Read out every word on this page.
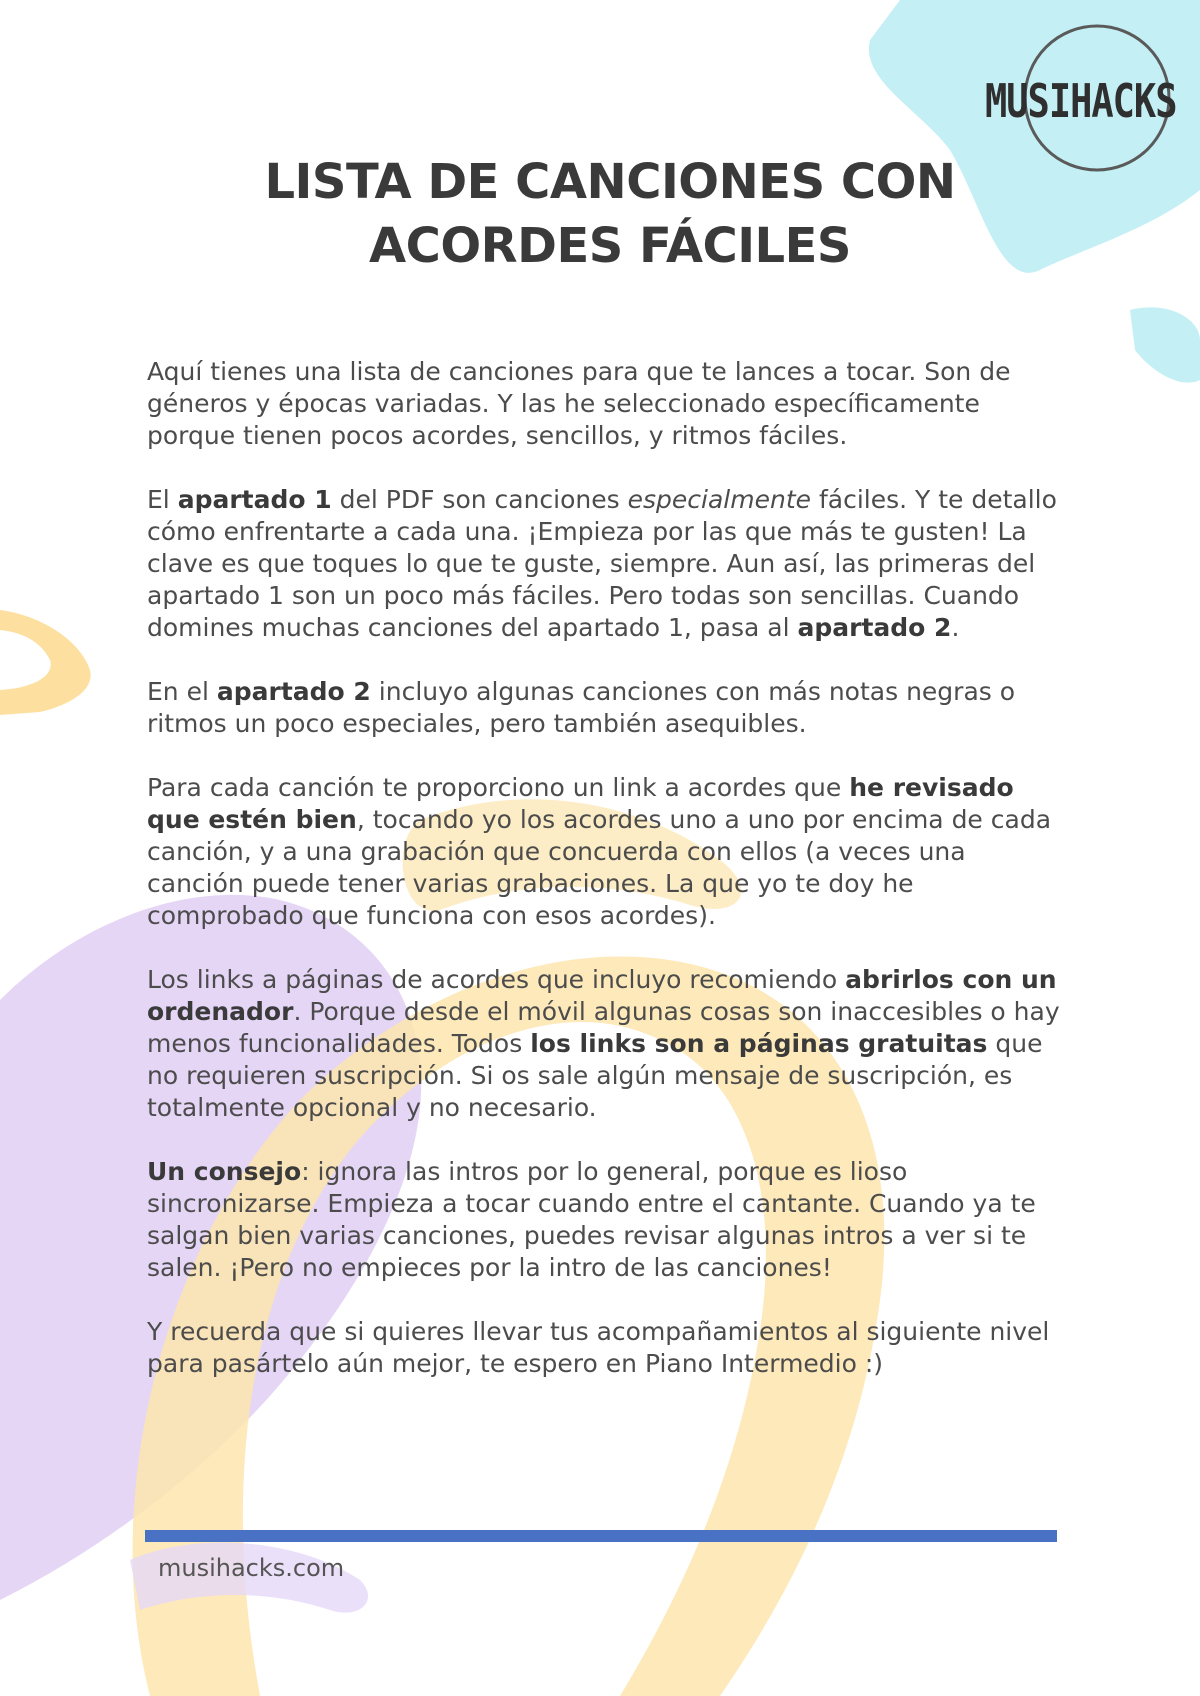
MUSIHACKS
LISTA DE CANCIONES CON
ACORDES FÁCILES

Aquí tienes una lista de canciones para que te lances a tocar. Son de géneros y épocas variadas. Y las he seleccionado específicamente porque tienen pocos acordes, sencillos, y ritmos fáciles.

El apartado 1 del PDF son canciones especialmente fáciles. Y te detallo cómo enfrentarte a cada una. ¡Empieza por las que más te gusten! La clave es que toques lo que te guste, siempre. Aun así, las primeras del apartado 1 son un poco más fáciles. Pero todas son sencillas. Cuando domines muchas canciones del apartado 1, pasa al apartado 2.

En el apartado 2 incluyo algunas canciones con más notas negras o ritmos un poco especiales, pero también asequibles.

Para cada canción te proporciono un link a acordes que he revisado que estén bien, tocando yo los acordes uno a uno por encima de cada canción, y a una grabación que concuerda con ellos (a veces una canción puede tener varias grabaciones. La que yo te doy he comprobado que funciona con esos acordes).

Los links a páginas de acordes que incluyo recomiendo abrirlos con un ordenador. Porque desde el móvil algunas cosas son inaccesibles o hay menos funcionalidades. Todos los links son a páginas gratuitas que no requieren suscripción. Si os sale algún mensaje de suscripción, es totalmente opcional y no necesario.

Un consejo: ignora las intros por lo general, porque es lioso sincronizarse. Empieza a tocar cuando entre el cantante. Cuando ya te salgan bien varias canciones, puedes revisar algunas intros a ver si te salen. ¡Pero no empieces por la intro de las canciones!

Y recuerda que si quieres llevar tus acompañamientos al siguiente nivel para pasártelo aún mejor, te espero en Piano Intermedio :)

musihacks.com
